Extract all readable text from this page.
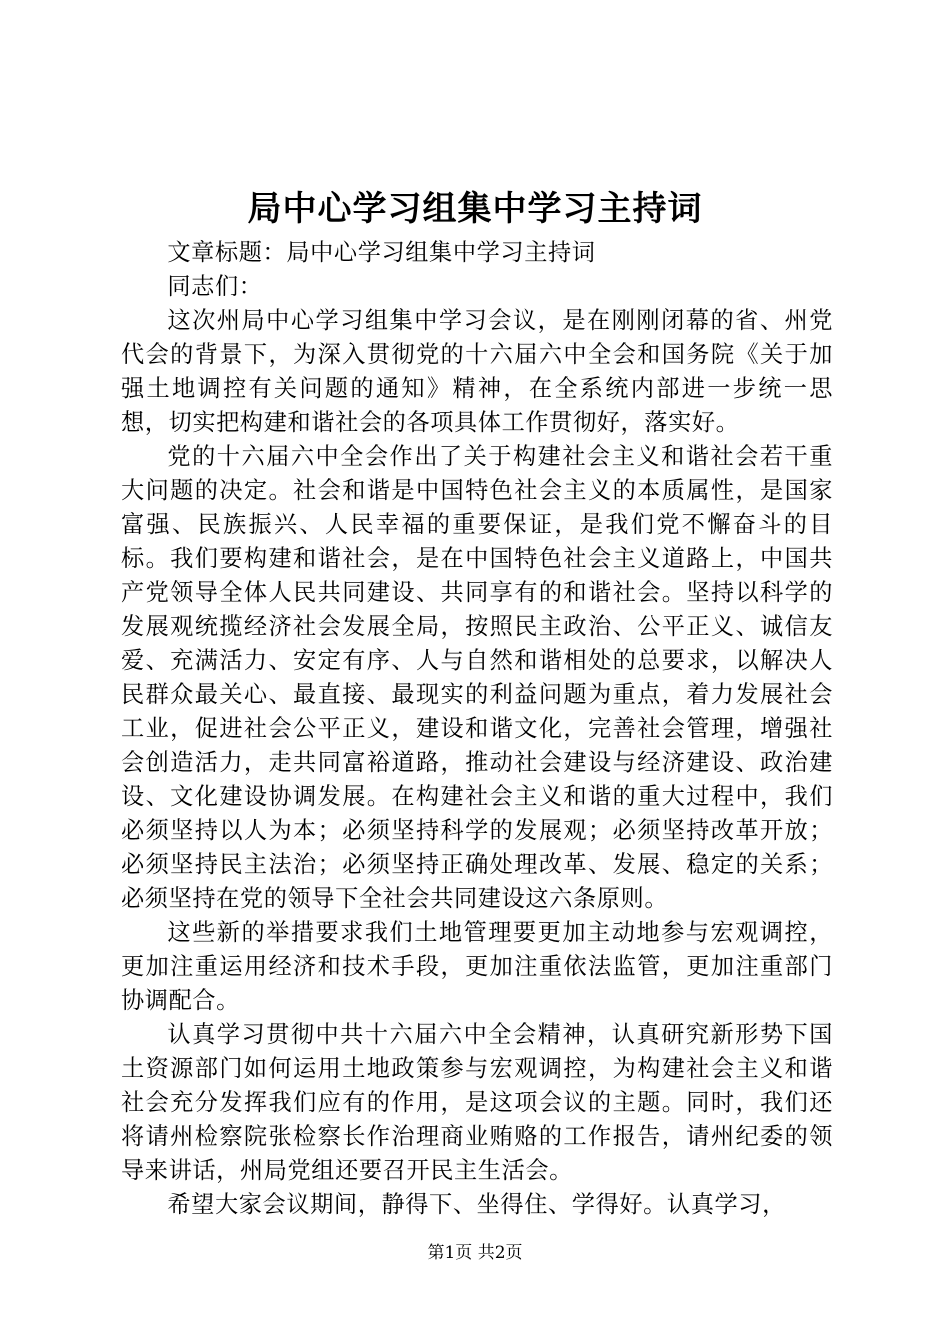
局中心学习组集中学习主持词

文章标题：局中心学习组集中学习主持词

同志们：

这次州局中心学习组集中学习会议，是在刚刚闭幕的省、州党代会的背景下，为深入贯彻党的十六届六中全会和国务院《关于加强土地调控有关问题的通知》精神，在全系统内部进一步统一思想，切实把构建和谐社会的各项具体工作贯彻好，落实好。

党的十六届六中全会作出了关于构建社会主义和谐社会若干重大问题的决定。社会和谐是中国特色社会主义的本质属性，是国家富强、民族振兴、人民幸福的重要保证，是我们党不懈奋斗的目标。我们要构建和谐社会，是在中国特色社会主义道路上，中国共产党领导全体人民共同建设、共同享有的和谐社会。坚持以科学的发展观统揽经济社会发展全局，按照民主政治、公平正义、诚信友爱、充满活力、安定有序、人与自然和谐相处的总要求，以解决人民群众最关心、最直接、最现实的利益问题为重点，着力发展社会工业，促进社会公平正义，建设和谐文化，完善社会管理，增强社会创造活力，走共同富裕道路，推动社会建设与经济建设、政治建设、文化建设协调发展。在构建社会主义和谐的重大过程中，我们必须坚持以人为本；必须坚持科学的发展观；必须坚持改革开放；必须坚持民主法治；必须坚持正确处理改革、发展、稳定的关系；必须坚持在党的领导下全社会共同建设这六条原则。

这些新的举措要求我们土地管理要更加主动地参与宏观调控，更加注重运用经济和技术手段，更加注重依法监管，更加注重部门协调配合。

认真学习贯彻中共十六届六中全会精神，认真研究新形势下国土资源部门如何运用土地政策参与宏观调控，为构建社会主义和谐社会充分发挥我们应有的作用，是这项会议的主题。同时，我们还将请州检察院张检察长作治理商业贿赂的工作报告，请州纪委的领导来讲话，州局党组还要召开民主生活会。

希望大家会议期间，静得下、坐得住、学得好。认真学习，

第1页 共2页
